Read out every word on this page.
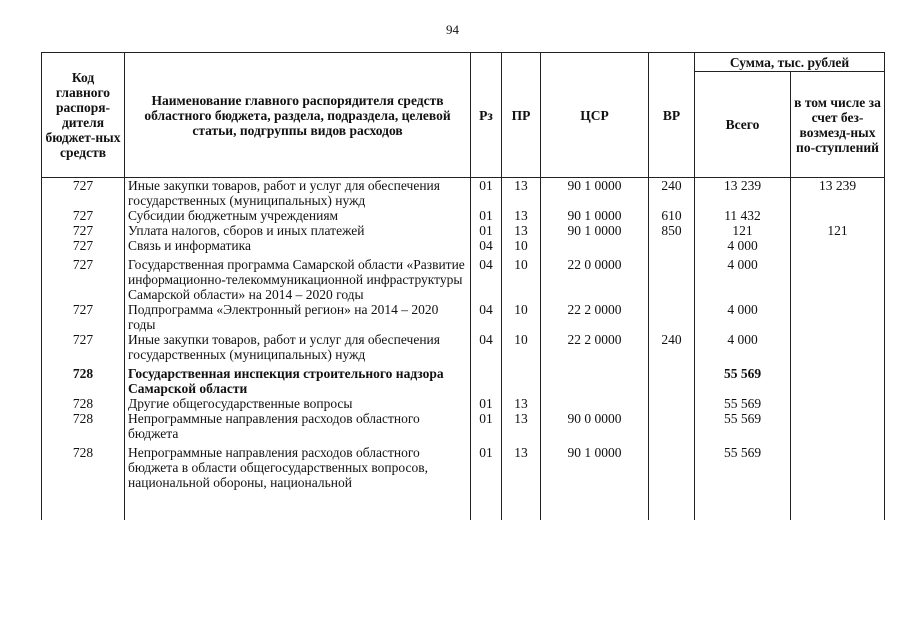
94
Код главного распоря-дителя бюджет-ных средств	Наименование главного распорядителя средств областного бюджета, раздела, подраздела, целевой статьи, подгруппы видов расходов	Рз	ПР	ЦСР	ВР	Сумма, тыс. рублей	
						Всего	в том числе за счет без-возмезд-ных по-ступлений
727	Иные закупки товаров, работ и услуг для обеспечения государственных (муниципальных) нужд	01	13	90 1 0000	240	13 239	13 239
727	Субсидии бюджетным учреждениям	01	13	90 1 0000	610	11 432	
727	Уплата налогов, сборов и иных платежей	01	13	90 1 0000	850	121	121
727	Связь и информатика	04	10			4 000	
727	Государственная программа Самарской области «Развитие информационно-телекоммуникационной инфраструктуры Самарской области» на 2014 – 2020 годы	04	10	22 0 0000		4 000	
727	Подпрограмма «Электронный регион» на 2014 – 2020 годы	04	10	22 2 0000		4 000	
727	Иные закупки товаров, работ и услуг для обеспечения государственных (муниципальных) нужд	04	10	22 2 0000	240	4 000	
728	Государственная инспекция строительного надзора Самарской области					55 569	
728	Другие общегосударственные вопросы	01	13			55 569	
728	Непрограммные направления расходов областного бюджета	01	13	90 0 0000		55 569	
728	Непрограммные направления расходов областного бюджета в области общегосударственных вопросов, национальной обороны, национальной	01	13	90 1 0000		55 569	
